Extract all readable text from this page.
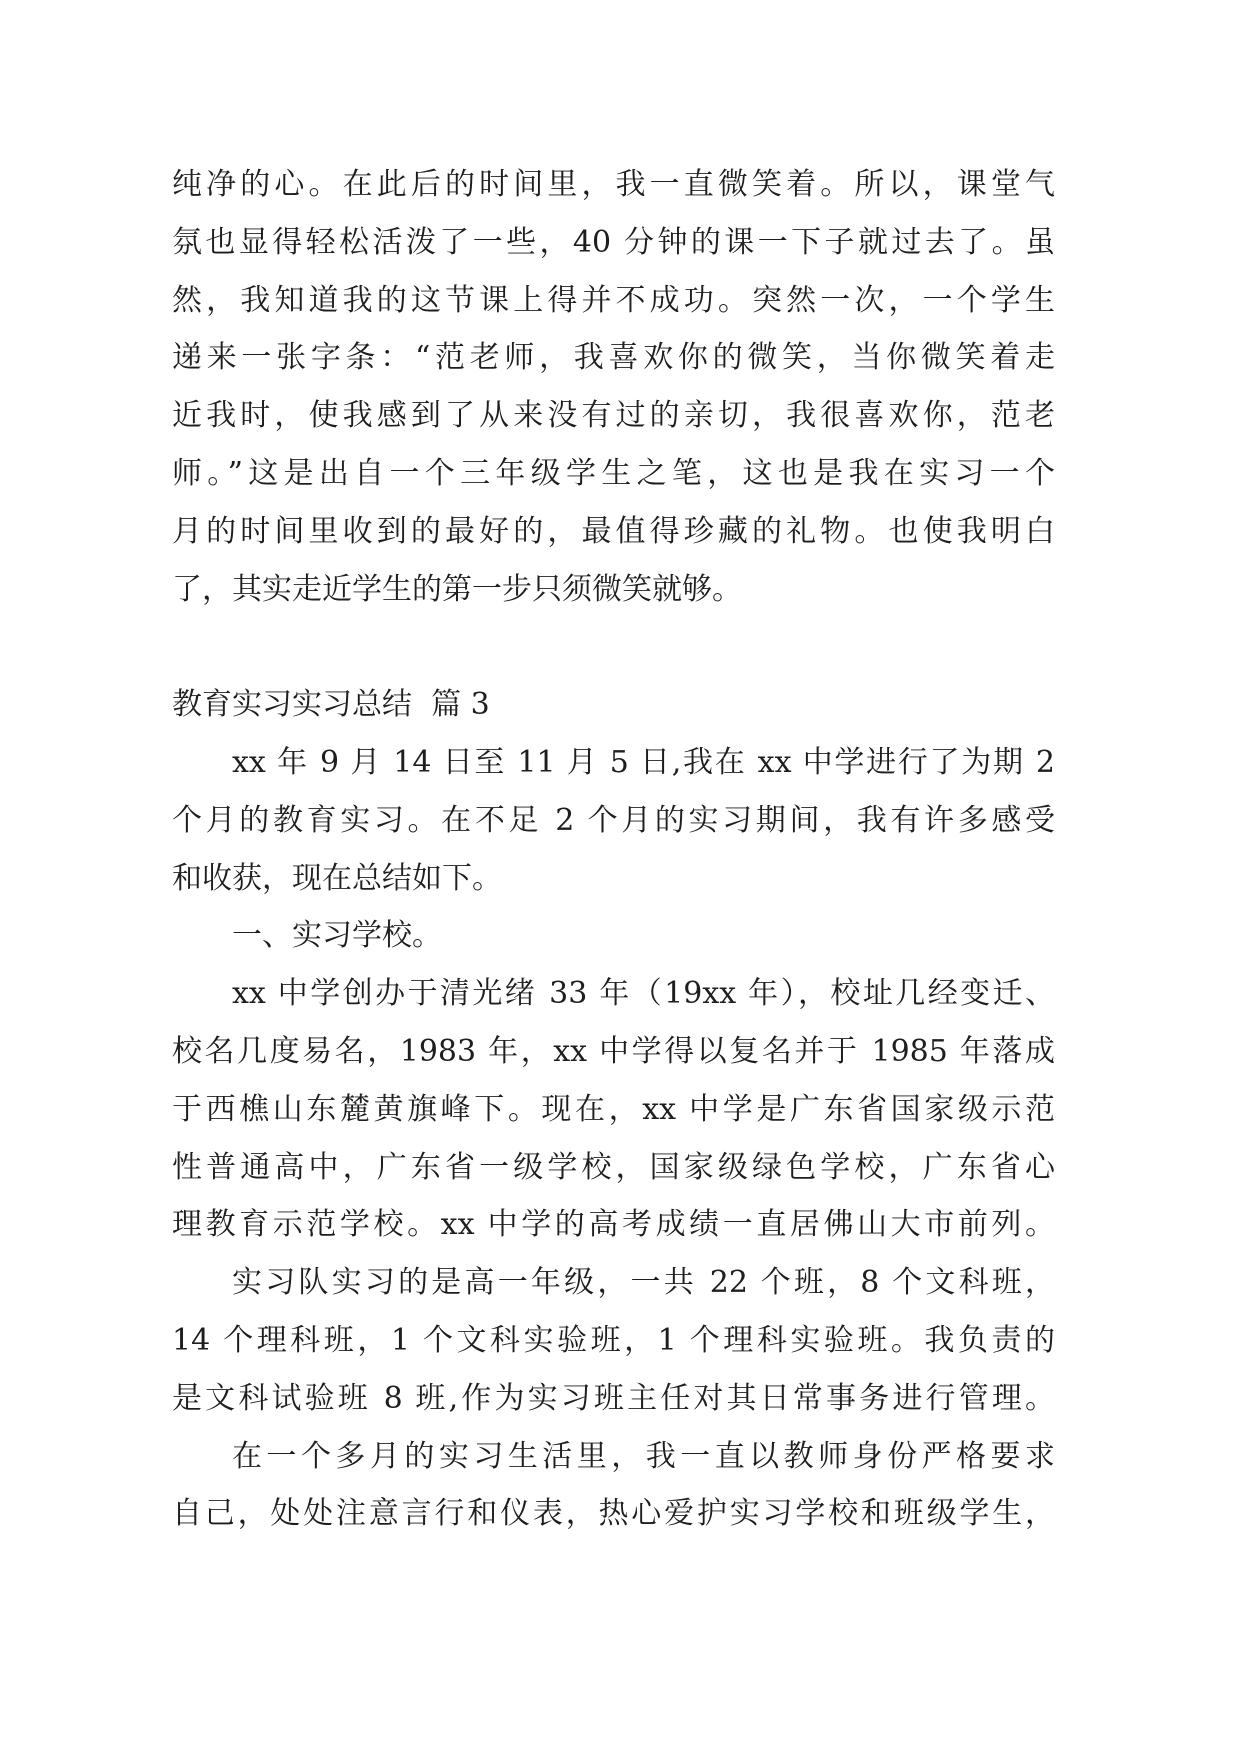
纯净的心。在此后的时间里，我一直微笑着。所以，课堂气
氛也显得轻松活泼了一些，40 分钟的课一下子就过去了。虽
然，我知道我的这节课上得并不成功。突然一次，一个学生
递来一张字条：“范老师，我喜欢你的微笑，当你微笑着走
近我时，使我感到了从来没有过的亲切，我很喜欢你，范老
师。”这是出自一个三年级学生之笔，这也是我在实习一个
月的时间里收到的最好的，最值得珍藏的礼物。也使我明白
了，其实走近学生的第一步只须微笑就够。
教育实习实习总结  篇 3
xx 年 9 月 14 日至 11 月 5 日,我在 xx 中学进行了为期 2
个月的教育实习。在不足 2 个月的实习期间，我有许多感受
和收获，现在总结如下。
一、实习学校。
xx 中学创办于清光绪 33 年（19xx 年），校址几经变迁、
校名几度易名，1983 年，xx 中学得以复名并于 1985 年落成
于西樵山东麓黄旗峰下。现在，xx 中学是广东省国家级示范
性普通高中，广东省一级学校，国家级绿色学校，广东省心
理教育示范学校。xx 中学的高考成绩一直居佛山大市前列。
实习队实习的是高一年级，一共 22 个班，8 个文科班，
14 个理科班，1 个文科实验班，1 个理科实验班。我负责的
是文科试验班 8 班,作为实习班主任对其日常事务进行管理。
在一个多月的实习生活里，我一直以教师身份严格要求
自己，处处注意言行和仪表，热心爱护实习学校和班级学生，
